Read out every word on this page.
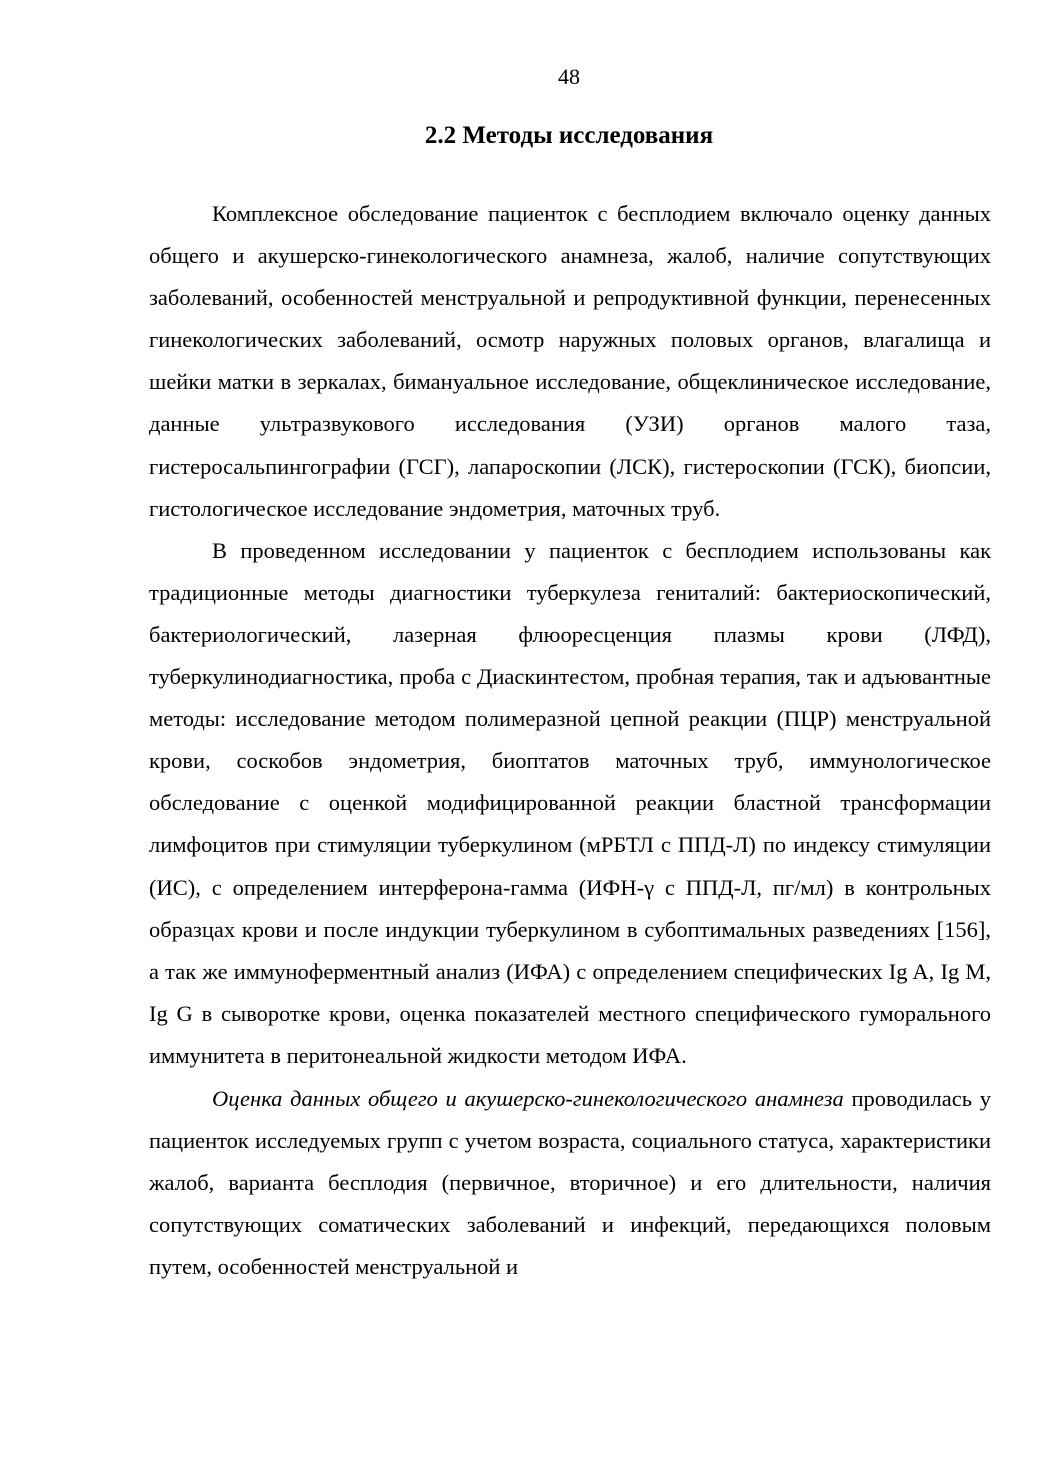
48
2.2 Методы исследования

Комплексное обследование пациенток с бесплодием включало оценку данных общего и акушерско-гинекологического анамнеза, жалоб, наличие сопутствующих заболеваний, особенностей менструальной и репродуктивной функции, перенесенных гинекологических заболеваний, осмотр наружных половых органов, влагалища и шейки матки в зеркалах, бимануальное исследование, общеклиническое исследование, данные ультразвукового исследования (УЗИ) органов малого таза, гистеросальпингографии (ГСГ), лапароскопии (ЛСК), гистероскопии (ГСК), биопсии, гистологическое исследование эндометрия, маточных труб.

В проведенном исследовании у пациенток с бесплодием использованы как традиционные методы диагностики туберкулеза гениталий: бактериоскопический, бактериологический, лазерная флюоресценция плазмы крови (ЛФД), туберкулинодиагностика, проба с Диаскинтестом, пробная терапия, так и адъювантные методы: исследование методом полимеразной цепной реакции (ПЦР) менструальной крови, соскобов эндометрия, биоптатов маточных труб, иммунологическое обследование с оценкой модифицированной реакции бластной трансформации лимфоцитов при стимуляции туберкулином (мРБТЛ с ППД-Л) по индексу стимуляции (ИС), с определением интерферона-гамма (ИФН-γ с ППД-Л, пг/мл) в контрольных образцах крови и после индукции туберкулином в субоптимальных разведениях [156], а так же иммуноферментный анализ (ИФА) с определением специфических Ig A, Ig M, Ig G в сыворотке крови, оценка показателей местного специфического гуморального иммунитета в перитонеальной жидкости методом ИФА.

Оценка данных общего и акушерско-гинекологического анамнеза проводилась у пациенток исследуемых групп с учетом возраста, социального статуса, характеристики жалоб, варианта бесплодия (первичное, вторичное) и его длительности, наличия сопутствующих соматических заболеваний и инфекций, передающихся половым путем, особенностей менструальной и
